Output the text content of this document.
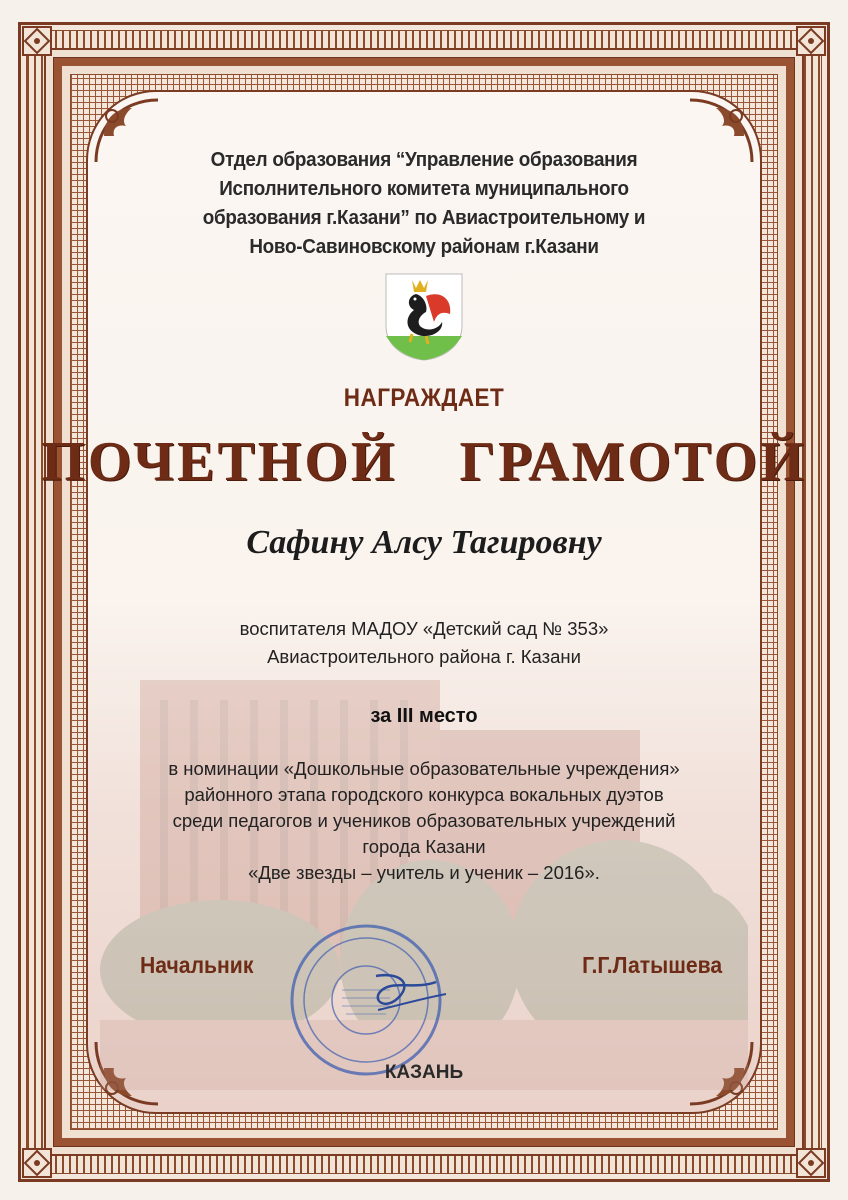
Отдел образования “Управление образования
Исполнительного комитета муниципального
образования г.Казани” по Авиастроительному и
Ново-Савиновскому районам г.Казани
НАГРАЖДАЕТ
ПОЧЕТНОЙ  ГРАМОТОЙ
Сафину Алсу Тагировну
воспитателя МАДОУ «Детский сад № 353»
Авиастроительного района г. Казани
за III место
в номинации «Дошкольные образовательные учреждения»
районного этапа городского конкурса вокальных дуэтов
среди педагогов и учеников образовательных учреждений
города Казани
«Две звезды – учитель и ученик – 2016».
Начальник	Г.Г.Латышева
КАЗАНЬ
